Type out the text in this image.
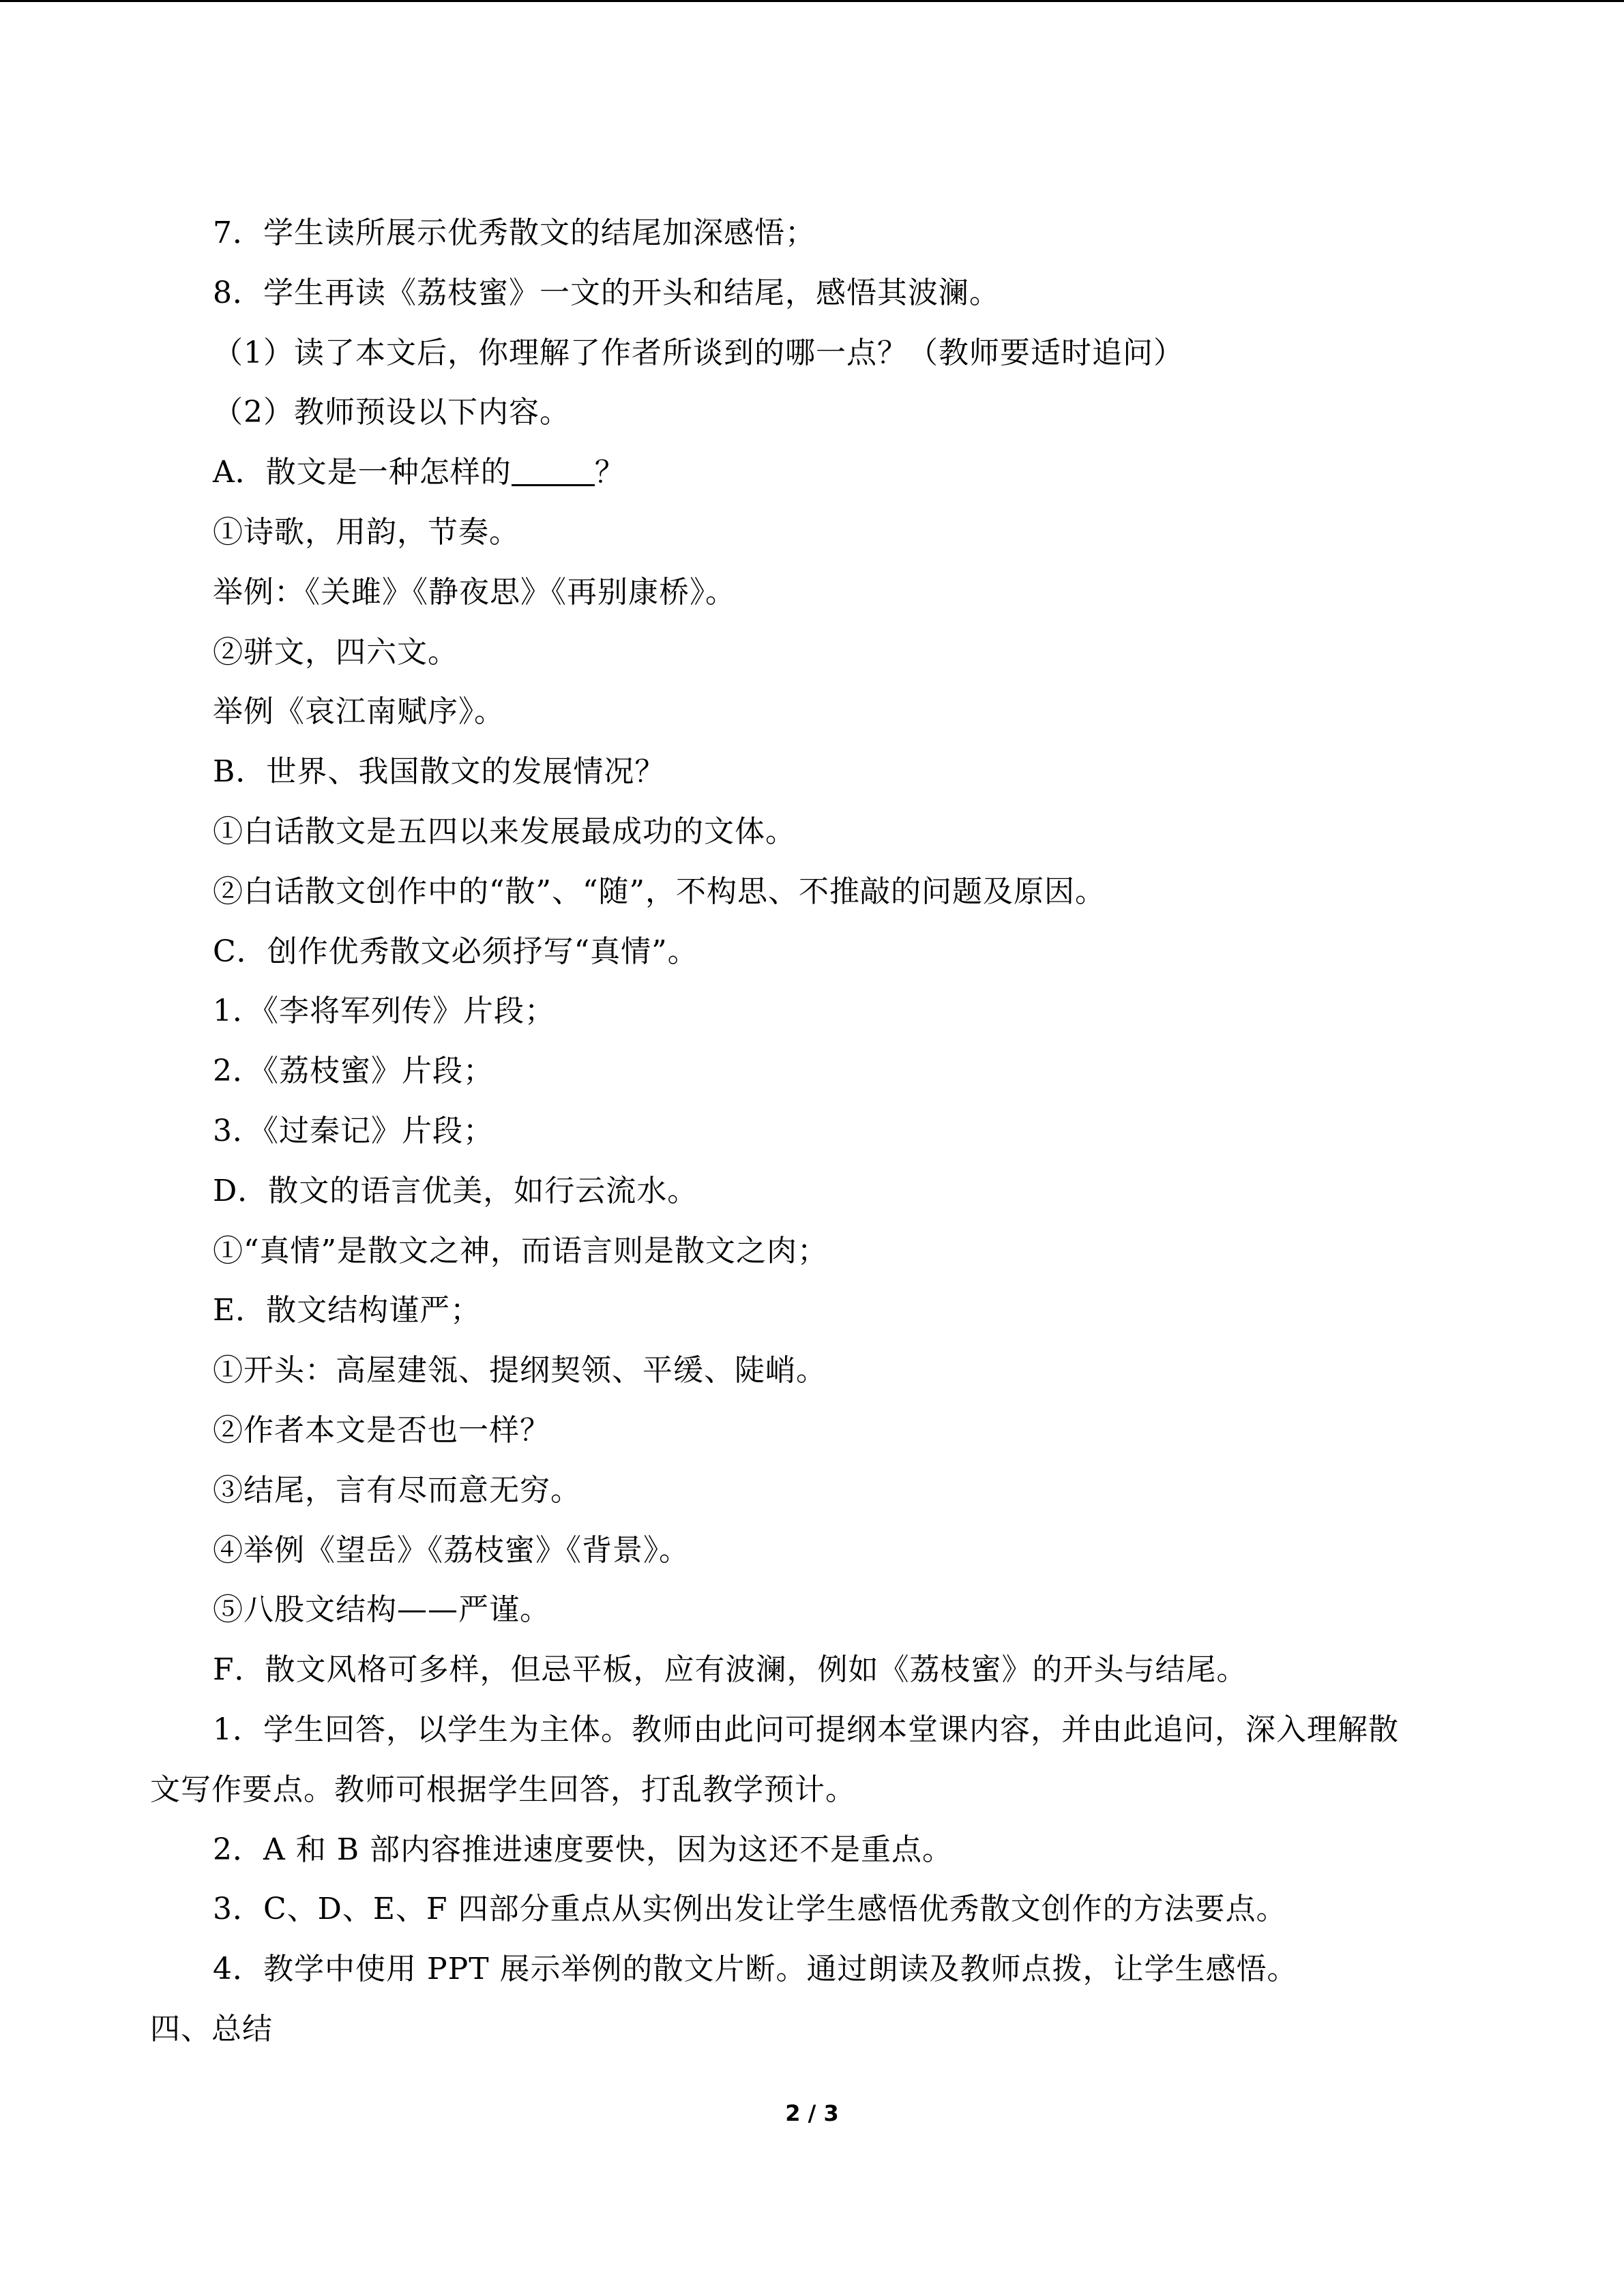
7．学生读所展示优秀散文的结尾加深感悟；
8．学生再读《荔枝蜜》一文的开头和结尾，感悟其波澜。
（1）读了本文后，你理解了作者所谈到的哪一点？（教师要适时追问）
（2）教师预设以下内容。
A．散文是一种怎样的	？
①诗歌，用韵，节奏。
举例：《关雎》《静夜思》《再别康桥》。
②骈文，四六文。
举例《哀江南赋序》。
B．世界、我国散文的发展情况？
①白话散文是五四以来发展最成功的文体。
②白话散文创作中的“散”、“随”，不构思、不推敲的问题及原因。
C．创作优秀散文必须抒写“真情”。
1．《李将军列传》片段；
2．《荔枝蜜》片段；
3．《过秦记》片段；
D．散文的语言优美，如行云流水。
①“真情”是散文之神，而语言则是散文之肉；
E．散文结构谨严；
①开头：高屋建瓴、提纲契领、平缓、陡峭。
②作者本文是否也一样？
③结尾，言有尽而意无穷。
④举例《望岳》《荔枝蜜》《背景》。
⑤八股文结构——严谨。
F．散文风格可多样，但忌平板，应有波澜，例如《荔枝蜜》的开头与结尾。
1．学生回答，以学生为主体。教师由此问可提纲本堂课内容，并由此追问，深入理解散
文写作要点。教师可根据学生回答，打乱教学预计。
2．A 和 B 部内容推进速度要快，因为这还不是重点。
3．C、D、E、F 四部分重点从实例出发让学生感悟优秀散文创作的方法要点。
4．教学中使用 PPT 展示举例的散文片断。通过朗读及教师点拨，让学生感悟。
四、总结
2 / 3
